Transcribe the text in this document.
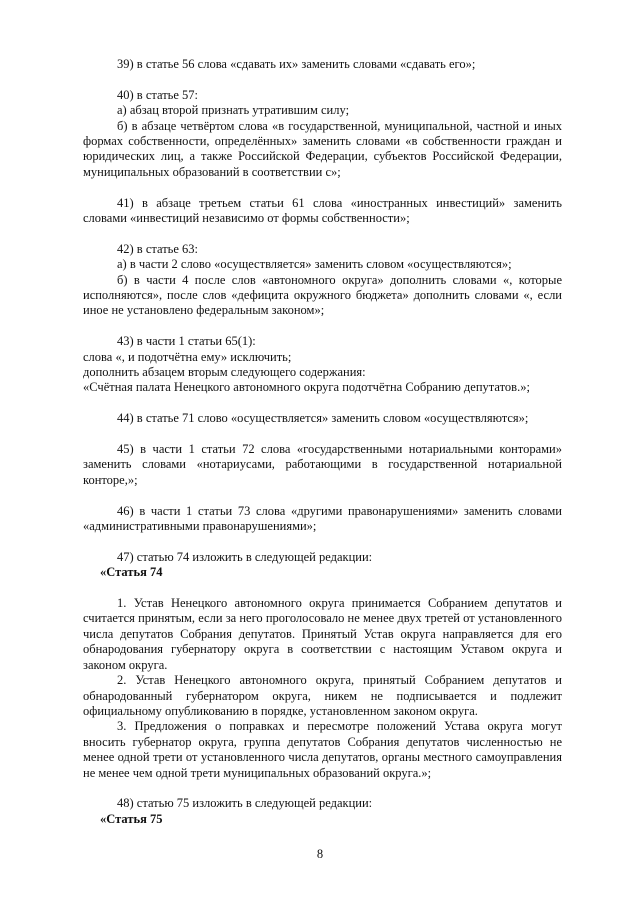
39) в статье 56 слова «сдавать их» заменить словами «сдавать его»;

40) в статье 57:

а) абзац второй признать утратившим силу;

б) в абзаце четвёртом слова «в государственной, муниципальной, частной и иных формах собственности, определённых» заменить словами «в собственности граждан и юридических лиц, а также Российской Федерации, субъектов Российской Федерации, муниципальных образований в соответствии с»;

41) в абзаце третьем статьи 61 слова «иностранных инвестиций» заменить словами «инвестиций независимо от формы собственности»;

42) в статье 63:

а) в части 2 слово «осуществляется» заменить словом «осуществляются»;

б) в части 4 после слов «автономного округа» дополнить словами «, которые исполняются», после слов «дефицита окружного бюджета» дополнить словами «, если иное не установлено федеральным законом»;

43) в части 1 статьи 65(1):

слова «, и подотчётна ему» исключить;

дополнить абзацем вторым следующего содержания:

«Счётная палата Ненецкого автономного округа подотчётна Собранию депутатов.»;

44) в статье 71 слово «осуществляется» заменить словом «осуществляются»;

45) в части 1 статьи 72 слова «государственными нотариальными конторами» заменить словами «нотариусами, работающими в государственной нотариальной конторе,»;

46) в части 1 статьи 73 слова «другими правонарушениями» заменить словами «административными правонарушениями»;

47) статью 74 изложить в следующей редакции:

«Статья 74

1. Устав Ненецкого автономного округа принимается Собранием депутатов и считается принятым, если за него проголосовало не менее двух третей от установленного числа депутатов Собрания депутатов. Принятый Устав округа направляется для его обнародования губернатору округа в соответствии с настоящим Уставом округа и законом округа.

2. Устав Ненецкого автономного округа, принятый Собранием депутатов и обнародованный губернатором округа, никем не подписывается и подлежит официальному опубликованию в порядке, установленном законом округа.

3. Предложения о поправках и пересмотре положений Устава округа могут вносить губернатор округа, группа депутатов Собрания депутатов численностью не менее одной трети от установленного числа депутатов, органы местного самоуправления не менее чем одной трети муниципальных образований округа.»;

48) статью 75 изложить в следующей редакции:

«Статья 75

8
